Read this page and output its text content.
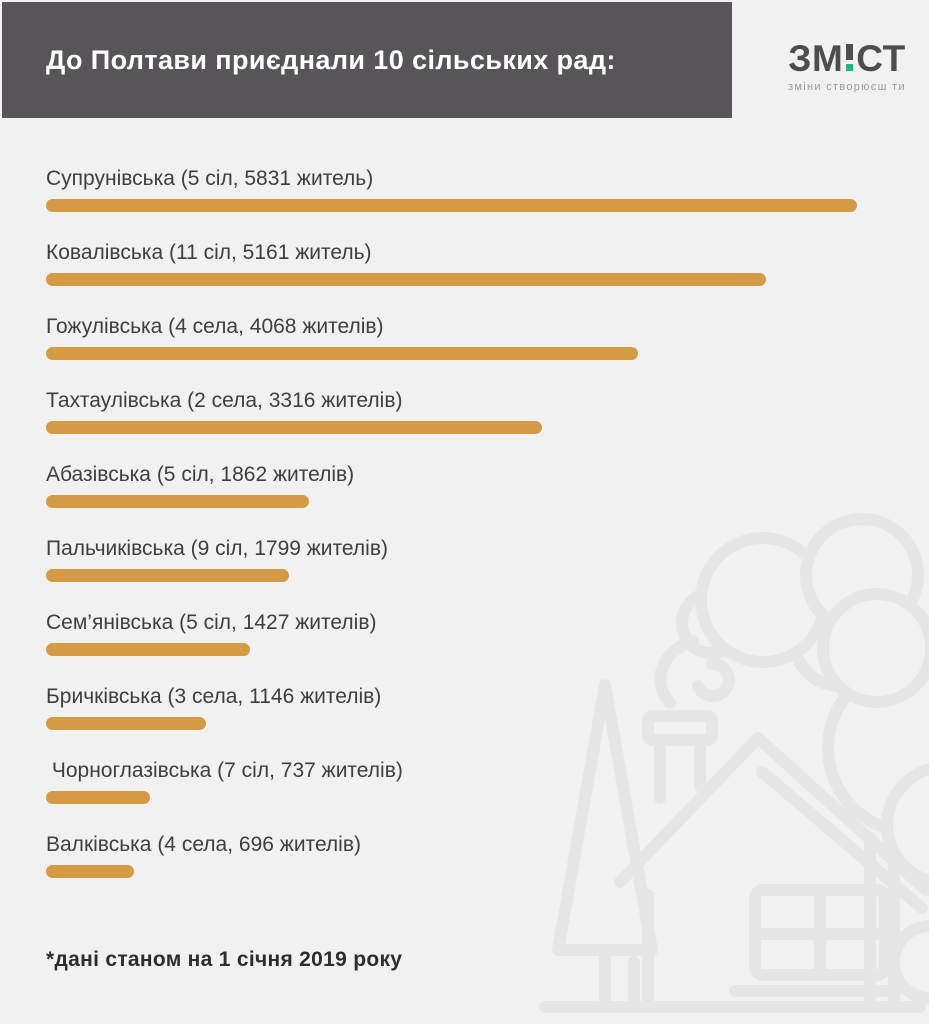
До Полтави приєднали 10 сільських рад:	ЗМ СТ
зміни створюєш ти
Супрунівська (5 сіл, 5831 житель)
Ковалівська (11 сіл, 5161 житель)
Гожулівська (4 села, 4068 жителів)
Тахтаулівська (2 села, 3316 жителів)
Абазівська (5 сіл, 1862 жителів)
Пальчиківська (9 сіл, 1799 жителів)
Сем’янівська (5 сіл, 1427 жителів)
Бричківська (3 села, 1146 жителів)
Чорноглазівська (7 сіл, 737 жителів)
Валківська (4 села, 696 жителів)
*дані станом на 1 січня 2019 року
